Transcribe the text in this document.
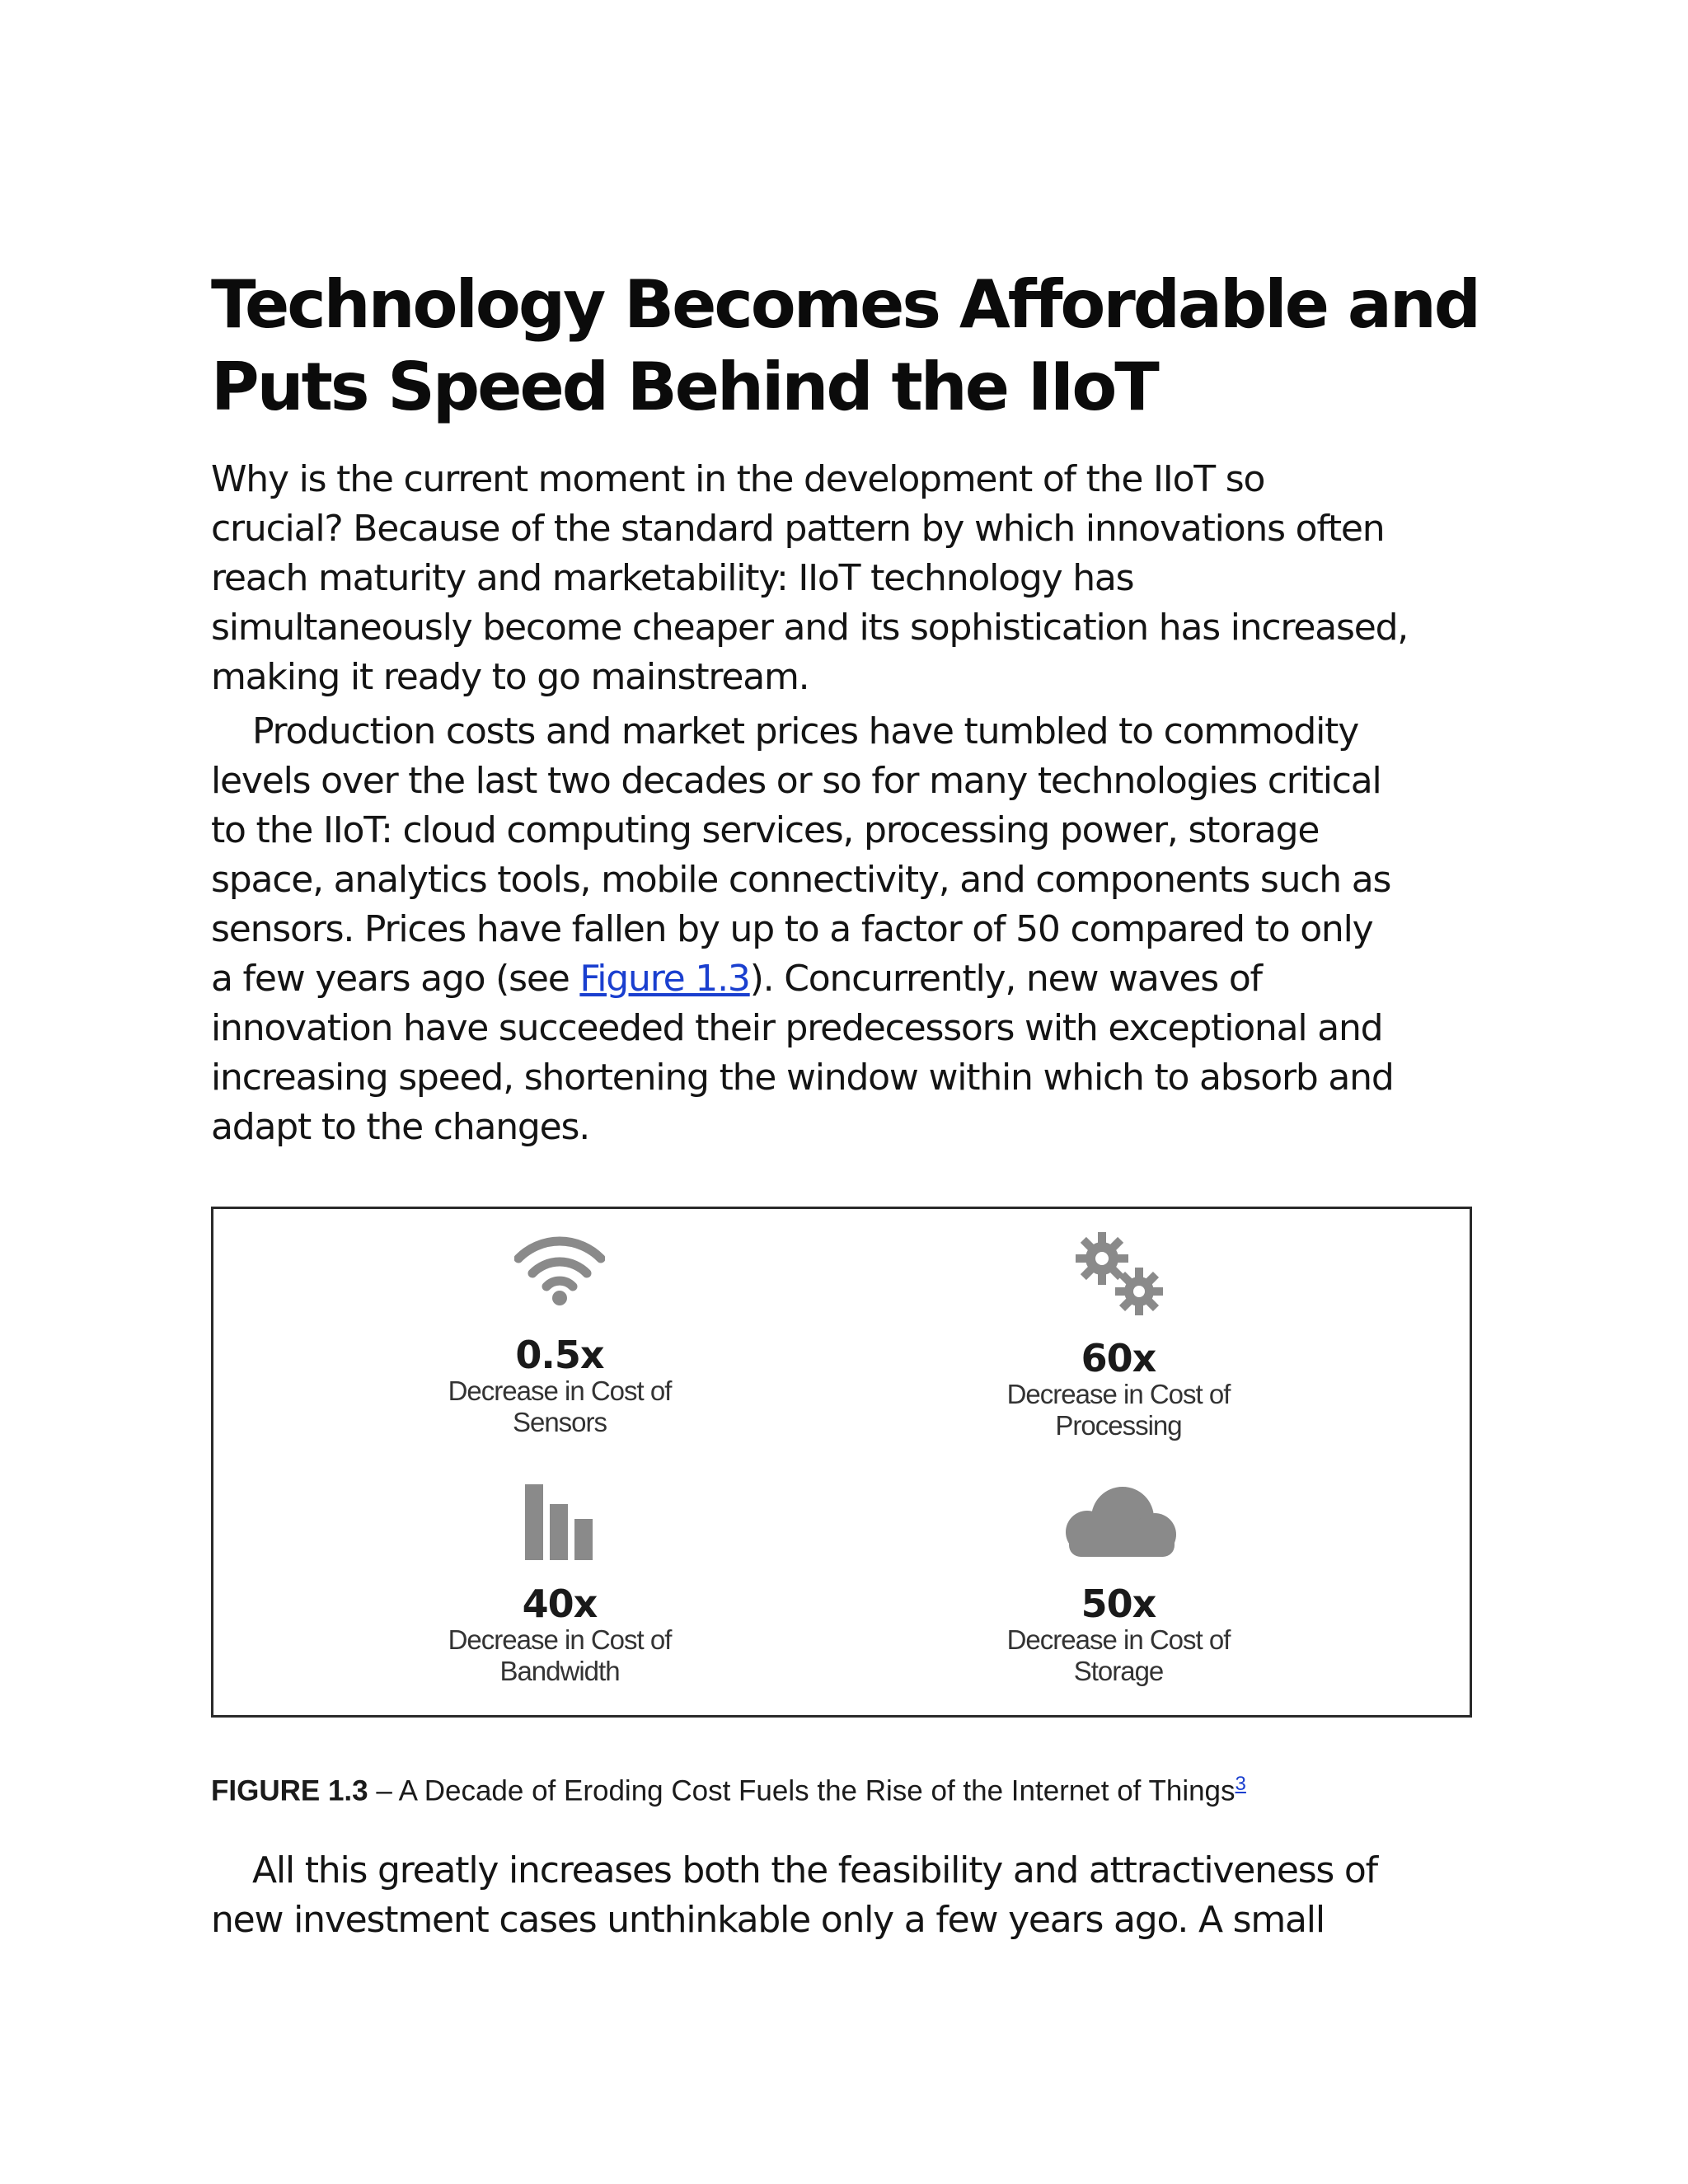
Technology Becomes Affordable and
Puts Speed Behind the IIoT
Why is the current moment in the development of the IIoT so
crucial? Because of the standard pattern by which innovations often
reach maturity and marketability: IIoT technology has
simultaneously become cheaper and its sophistication has increased,
making it ready to go mainstream.
Production costs and market prices have tumbled to commodity
levels over the last two decades or so for many technologies critical
to the IIoT: cloud computing services, processing power, storage
space, analytics tools, mobile connectivity, and components such as
sensors. Prices have fallen by up to a factor of 50 compared to only
a few years ago (see Figure 1.3). Concurrently, new waves of
innovation have succeeded their predecessors with exceptional and
increasing speed, shortening the window within which to absorb and
adapt to the changes.
0.5x
Decrease in Cost of
Sensors
60x
Decrease in Cost of
Processing
40x
Decrease in Cost of
Bandwidth
50x
Decrease in Cost of
Storage
FIGURE 1.3 – A Decade of Eroding Cost Fuels the Rise of the Internet of Things$^3$
All this greatly increases both the feasibility and attractiveness of
new investment cases unthinkable only a few years ago. A small
